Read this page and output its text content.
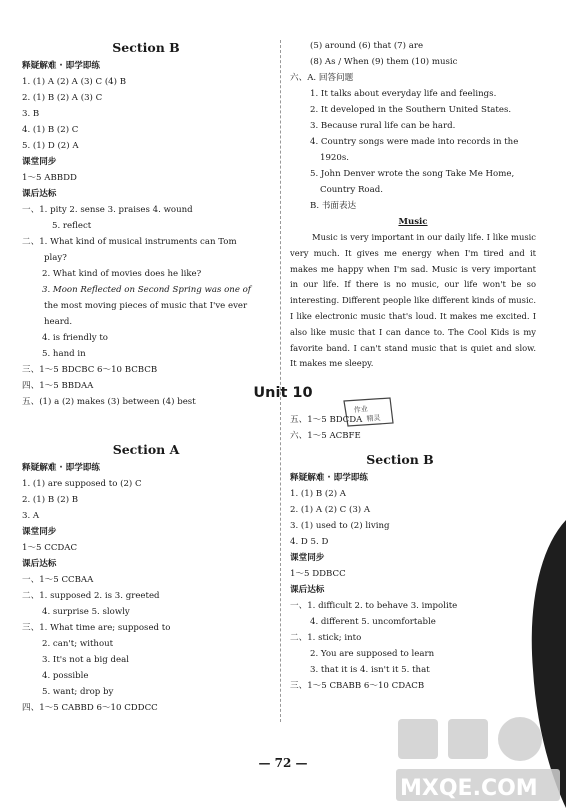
Section B
释疑解难 · 即学即练
1. (1) A (2) A (3) C (4) B
2. (1) B (2) A (3) C
3. B
4. (1) B (2) C
5. (1) D (2) A
课堂同步
1～5 ABBDD
课后达标
一、1. pity 2. sense 3. praises 4. wound
5. reflect
二、1. What kind of musical instruments can Tom
play?
2. What kind of movies does he like?
3. Moon Reflected on Second Spring was one of
the most moving pieces of music that I've ever
heard.
4. is friendly to
5. hand in
三、1～5 BDCBC 6～10 BCBCB
四、1～5 BBDAA
五、(1) a (2) makes (3) between (4) best
(5) around (6) that (7) are
(8) As / When (9) them (10) music
六、A. 回答问题
1. It talks about everyday life and feelings.
2. It developed in the Southern United States.
3. Because rural life can be hard.
4. Country songs were made into records in the
1920s.
5. John Denver wrote the song Take Me Home,
Country Road.
B. 书面表达
Music
Music is very important in our daily life. I like music very much. It gives me energy when I'm tired and it makes me happy when I'm sad. Music is very important in our life. If there is no music, our life won't be so interesting. Different people like different kinds of music. I like electronic music that's loud. It makes me excited. I also like music that I can dance to. The Cool Kids is my favorite band. I can't stand music that is quiet and slow. It makes me sleepy.
作业
精灵
Unit 10
Section A
释疑解难 · 即学即练
1. (1) are supposed to (2) C
2. (1) B (2) B
3. A
课堂同步
1～5 CCDAC
课后达标
一、1～5 CCBAA
二、1. supposed 2. is 3. greeted
4. surprise 5. slowly
三、1. What time are; supposed to
2. can't; without
3. It's not a big deal
4. possible
5. want; drop by
四、1～5 CABBD 6～10 CDDCC
五、1～5 BDCDA
六、1～5 ACBFE
Section B
释疑解难 · 即学即练
1. (1) B (2) A
2. (1) A (2) C (3) A
3. (1) used to (2) living
4. D 5. D
课堂同步
1～5 DDBCC
课后达标
一、1. difficult 2. to behave 3. impolite
4. different 5. uncomfortable
二、1. stick; into
2. You are supposed to learn
3. that it is 4. isn't it 5. that
三、1～5 CBABB 6～10 CDACB
MXQE.COM
— 72 —
